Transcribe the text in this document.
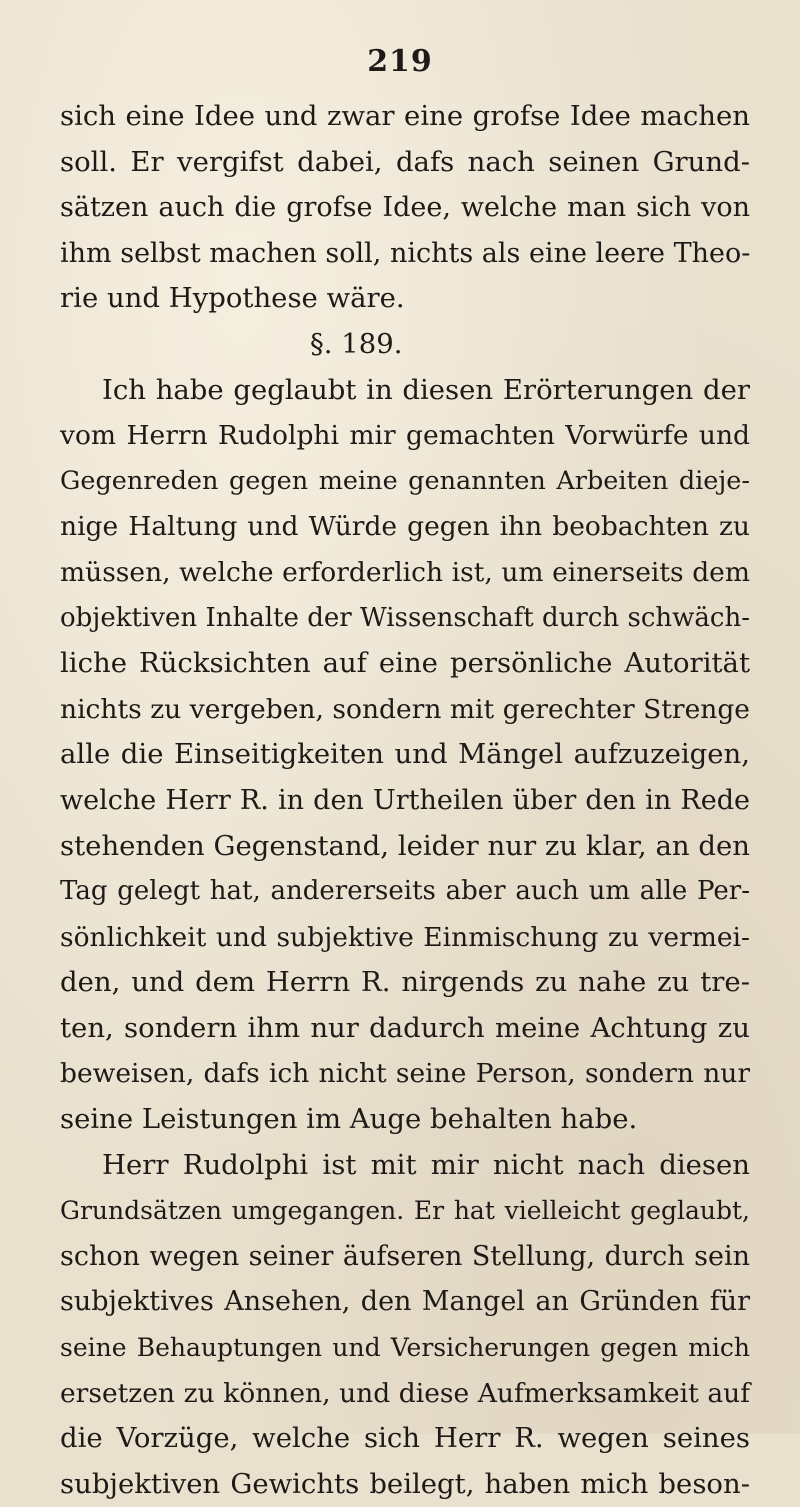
219
sich eine Idee und zwar eine grofse Idee machen
soll. Er vergifst dabei, dafs nach seinen Grund-
sätzen auch die grofse Idee, welche man sich von
ihm selbst machen soll, nichts als eine leere Theo-
rie und Hypothese wäre.
§. 189.
Ich habe geglaubt in diesen Erörterungen der
vom Herrn Rudolphi mir gemachten Vorwürfe und
Gegenreden gegen meine genannten Arbeiten dieje-
nige Haltung und Würde gegen ihn beobachten zu
müssen, welche erforderlich ist, um einerseits dem
objektiven Inhalte der Wissenschaft durch schwäch-
liche Rücksichten auf eine persönliche Autorität
nichts zu vergeben, sondern mit gerechter Strenge
alle die Einseitigkeiten und Mängel aufzuzeigen,
welche Herr R. in den Urtheilen über den in Rede
stehenden Gegenstand, leider nur zu klar, an den
Tag gelegt hat, andererseits aber auch um alle Per-
sönlichkeit und subjektive Einmischung zu vermei-
den, und dem Herrn R. nirgends zu nahe zu tre-
ten, sondern ihm nur dadurch meine Achtung zu
beweisen, dafs ich nicht seine Person, sondern nur
seine Leistungen im Auge behalten habe.
Herr Rudolphi ist mit mir nicht nach diesen
Grundsätzen umgegangen. Er hat vielleicht geglaubt,
schon wegen seiner äufseren Stellung, durch sein
subjektives Ansehen, den Mangel an Gründen für
seine Behauptungen und Versicherungen gegen mich
ersetzen zu können, und diese Aufmerksamkeit auf
die Vorzüge, welche sich Herr R. wegen seines
subjektiven Gewichts beilegt, haben mich beson-
